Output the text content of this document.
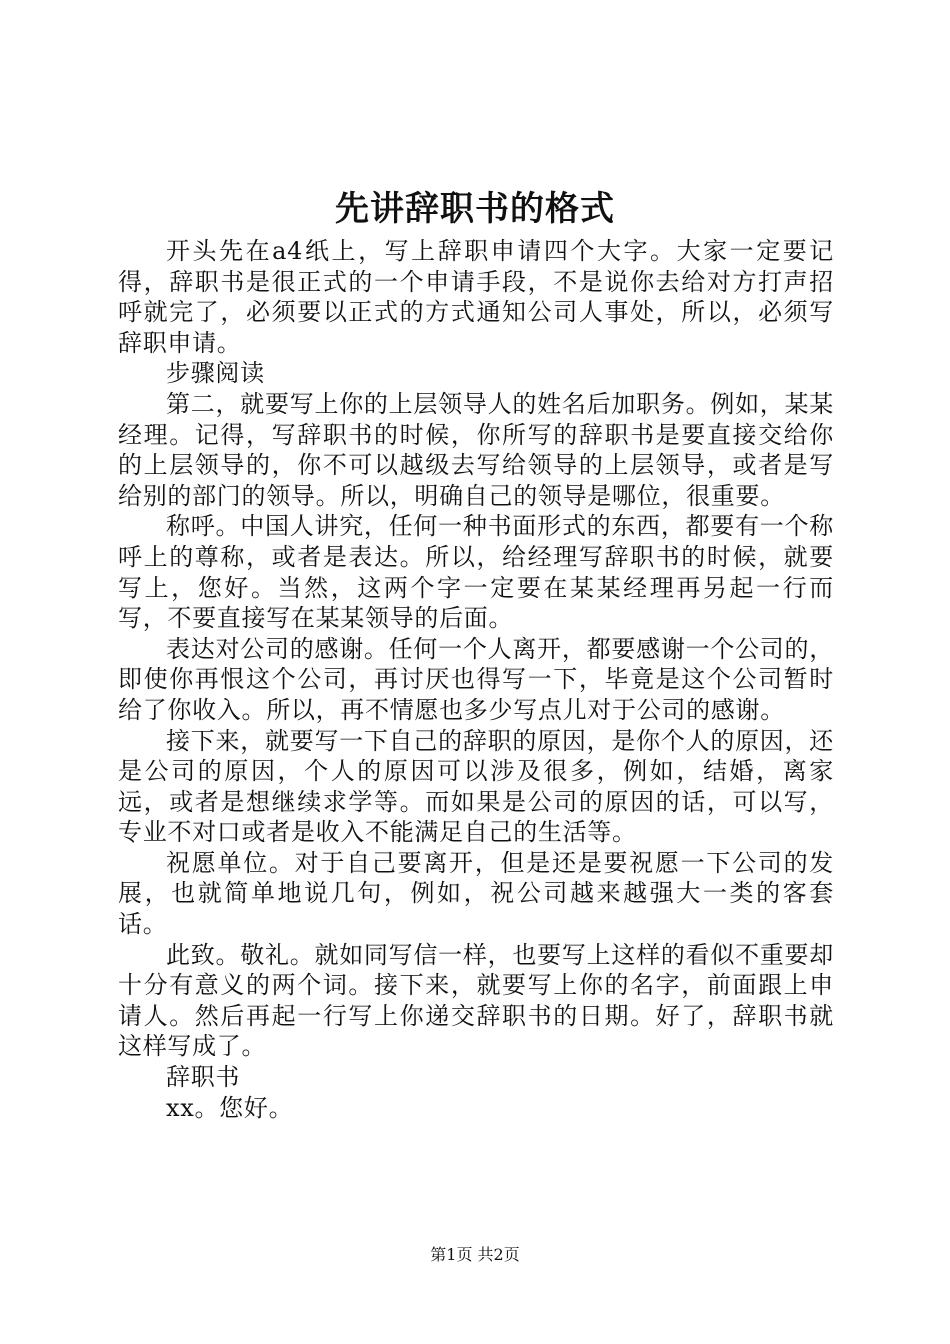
先讲辞职书的格式

开头先在a4纸上，写上辞职申请四个大字。大家一定要记得，辞职书是很正式的一个申请手段，不是说你去给对方打声招呼就完了，必须要以正式的方式通知公司人事处，所以，必须写辞职申请。

步骤阅读

第二，就要写上你的上层领导人的姓名后加职务。例如，某某经理。记得，写辞职书的时候，你所写的辞职书是要直接交给你的上层领导的，你不可以越级去写给领导的上层领导，或者是写给别的部门的领导。所以，明确自己的领导是哪位，很重要。

称呼。中国人讲究，任何一种书面形式的东西，都要有一个称呼上的尊称，或者是表达。所以，给经理写辞职书的时候，就要写上，您好。当然，这两个字一定要在某某经理再另起一行而写，不要直接写在某某领导的后面。

表达对公司的感谢。任何一个人离开，都要感谢一个公司的，即使你再恨这个公司，再讨厌也得写一下，毕竟是这个公司暂时给了你收入。所以，再不情愿也多少写点儿对于公司的感谢。

接下来，就要写一下自己的辞职的原因，是你个人的原因，还是公司的原因，个人的原因可以涉及很多，例如，结婚，离家远，或者是想继续求学等。而如果是公司的原因的话，可以写，专业不对口或者是收入不能满足自己的生活等。

祝愿单位。对于自己要离开，但是还是要祝愿一下公司的发展，也就简单地说几句，例如，祝公司越来越强大一类的客套话。

此致。敬礼。就如同写信一样，也要写上这样的看似不重要却十分有意义的两个词。接下来，就要写上你的名字，前面跟上申请人。然后再起一行写上你递交辞职书的日期。好了，辞职书就这样写成了。

辞职书

xx。您好。

第1页 共2页
